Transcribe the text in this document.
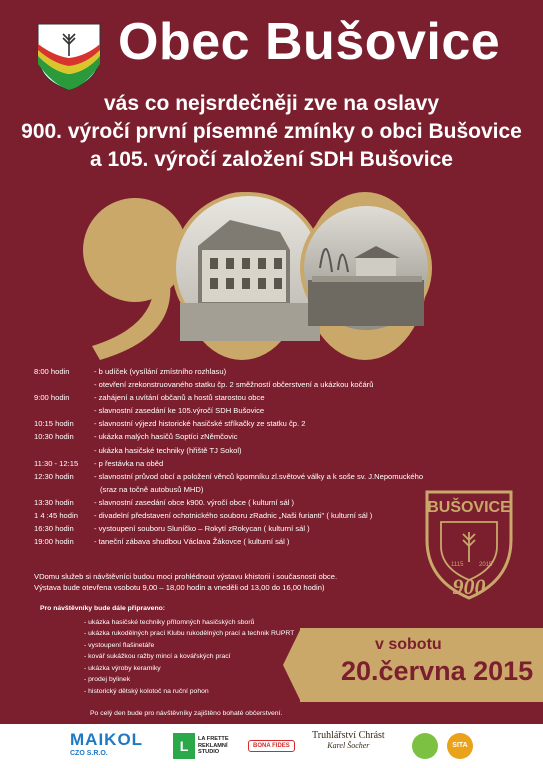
Obec Bušovice
vás co nejsrdečněji zve na oslavy
900. výročí první písemné zmínky o obci Bušovice
a 105. výročí založení SDH Bušovice
8:00 hodin	- b udíček (vysílání zmístního rozhlasu)
- otevření zrekonstruovaného statku čp. 2 směžností občerstvení a ukázkou kočárů
9:00 hodin	- zahájení a uvítání občanů a hostů starostou obce
- slavnostní zasedání ke 105.výročí SDH Bušovice
10:15 hodin	- slavnostní výjezd historické hasičské stříkačky ze statku čp. 2
10:30 hodin	- ukázka malých hasičů Soptíci zNěmčovic
- ukázka hasičské techniky (hřiště TJ Sokol)
11:30 - 12:15 - p řestávka na oběd
12:30 hodin	- slavnostní průvod obcí a položení věnců kpomníku zl.světové války a k soše sv. J.Nepomuckého
(sraz na točně autobusů MHD)
13:30 hodin	- slavnostní zasedání obce k900. výročí obce ( kulturní sál )
1 4 :45 hodin - divadelní představení ochotnického souboru zRadnic „Naši furianti" ( kulturní sál )
16:30 hodin	- vystoupení souboru Sluníčko – Rokytí zRokycan ( kulturní sál )
19:00 hodin	- taneční zábava shudbou Václava Žákovce ( kulturní sál )
VDomu služeb si návštěvníci budou moci prohlédnout výstavu khistorii i současnosti obce.
Výstava bude otevřena vsobotu 9,00 – 18,00 hodin a vneděli od 13,00 do 16,00 hodin)
Pro návštěvníky bude dále připraveno:
- ukázka hasičské techniky přítomných hasičských sborů
- ukázka rukodělných prací Klubu rukodělných prací a technik RUPRT
- vystoupení flašinetáře
- kovář sukážkou ražby mincí a kovářských prací
- ukázka výroby keramiky
- prodej bylinek
- historický dětský kolotoč na ruční pohon
BUŠOVICE
1115	2015
900
v sobotu
20.června 2015
Po celý den bude pro návštěvníky zajištěno bohaté občerstvení.
MAIKOL
CZO S.R.O.	L	LA FRETTE REKLAMNÍ STUDIO
BONA FIDES
Truhlářství Chrást
Karel Šocher	SITA
